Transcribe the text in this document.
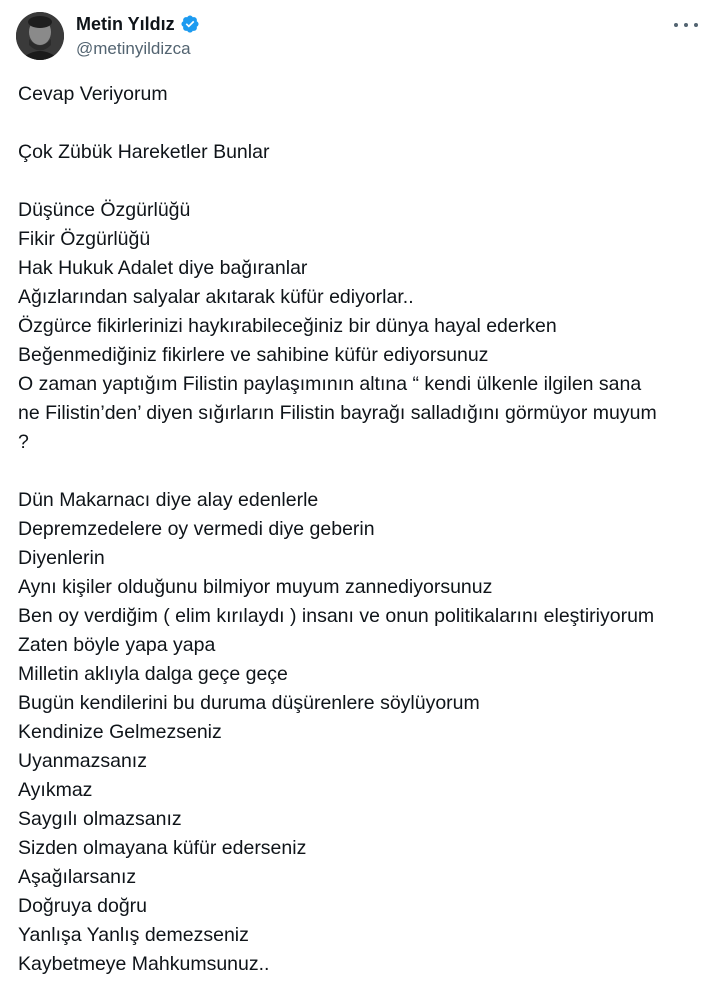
Metin Yıldız
@metinyildizca
Cevap Veriyorum
Çok Zübük Hareketler Bunlar
Düşünce Özgürlüğü
Fikir Özgürlüğü
Hak Hukuk Adalet diye bağıranlar
Ağızlarından salyalar akıtarak küfür ediyorlar..
Özgürce fikirlerinizi haykırabileceğiniz bir dünya hayal ederken
Beğenmediğiniz fikirlere ve sahibine küfür ediyorsunuz
O zaman yaptığım Filistin paylaşımının altına “ kendi ülkenle ilgilen sana
ne Filistin’den’ diyen sığırların Filistin bayrağı salladığını görmüyor muyum
?
Dün Makarnacı diye alay edenlerle
Depremzedelere oy vermedi diye geberin
Diyenlerin
Aynı kişiler olduğunu bilmiyor muyum zannediyorsunuz
Ben oy verdiğim ( elim kırılaydı ) insanı ve onun politikalarını eleştiriyorum
Zaten böyle yapa yapa
Milletin aklıyla dalga geçe geçe
Bugün kendilerini bu duruma düşürenlere söylüyorum
Kendinize Gelmezseniz
Uyanmazsanız
Ayıkmaz
Saygılı olmazsanız
Sizden olmayana küfür ederseniz
Aşağılarsanız
Doğruya doğru
Yanlışa Yanlış demezseniz
Kaybetmeye Mahkumsunuz..
